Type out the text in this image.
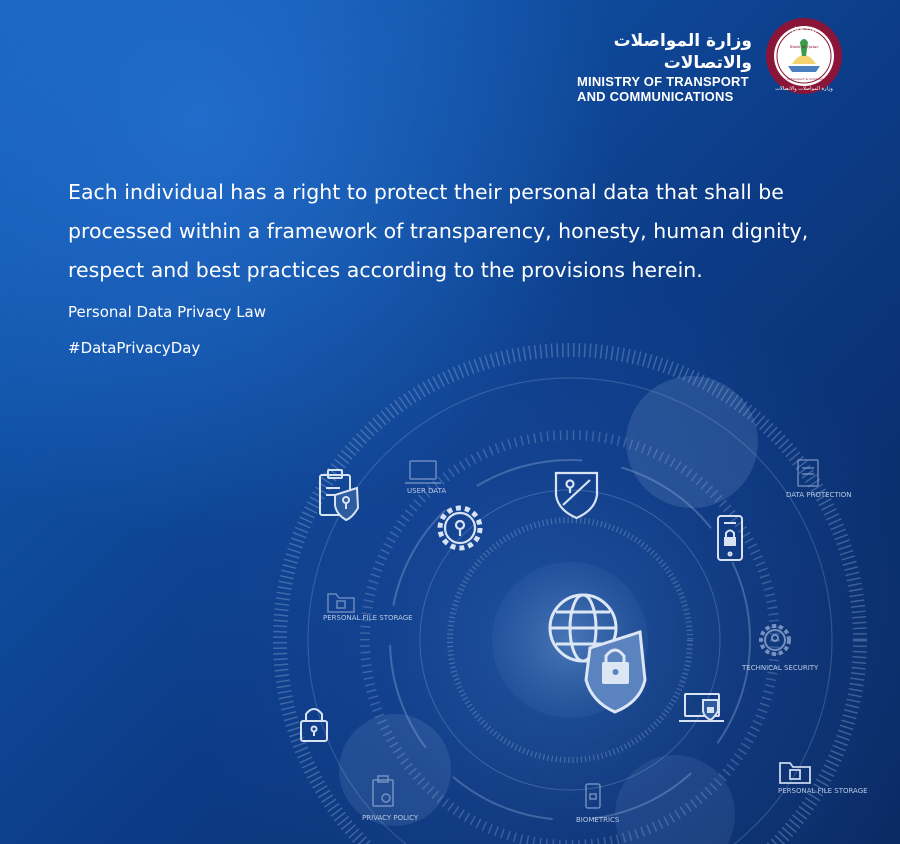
USER DATA	DATA PROTECTION
PERSONAL FILE STORAGE
TECHNICAL SECURITY
PERSONAL FILE STORAGE
PRIVACY POLICY	BIOMETRICS
وزارة المواصلات والاتصالات
MINISTRY OF TRANSPORT
AND COMMUNICATIONS
دولة قطر
State of Qatar
Ministry of Transport & Communications
وزارة المواصلات والاتصالات
Each individual has a right to protect their personal data that shall be processed within a framework of transparency, honesty, human dignity, respect and best practices according to the provisions herein.
Personal Data Privacy Law
#DataPrivacyDay
